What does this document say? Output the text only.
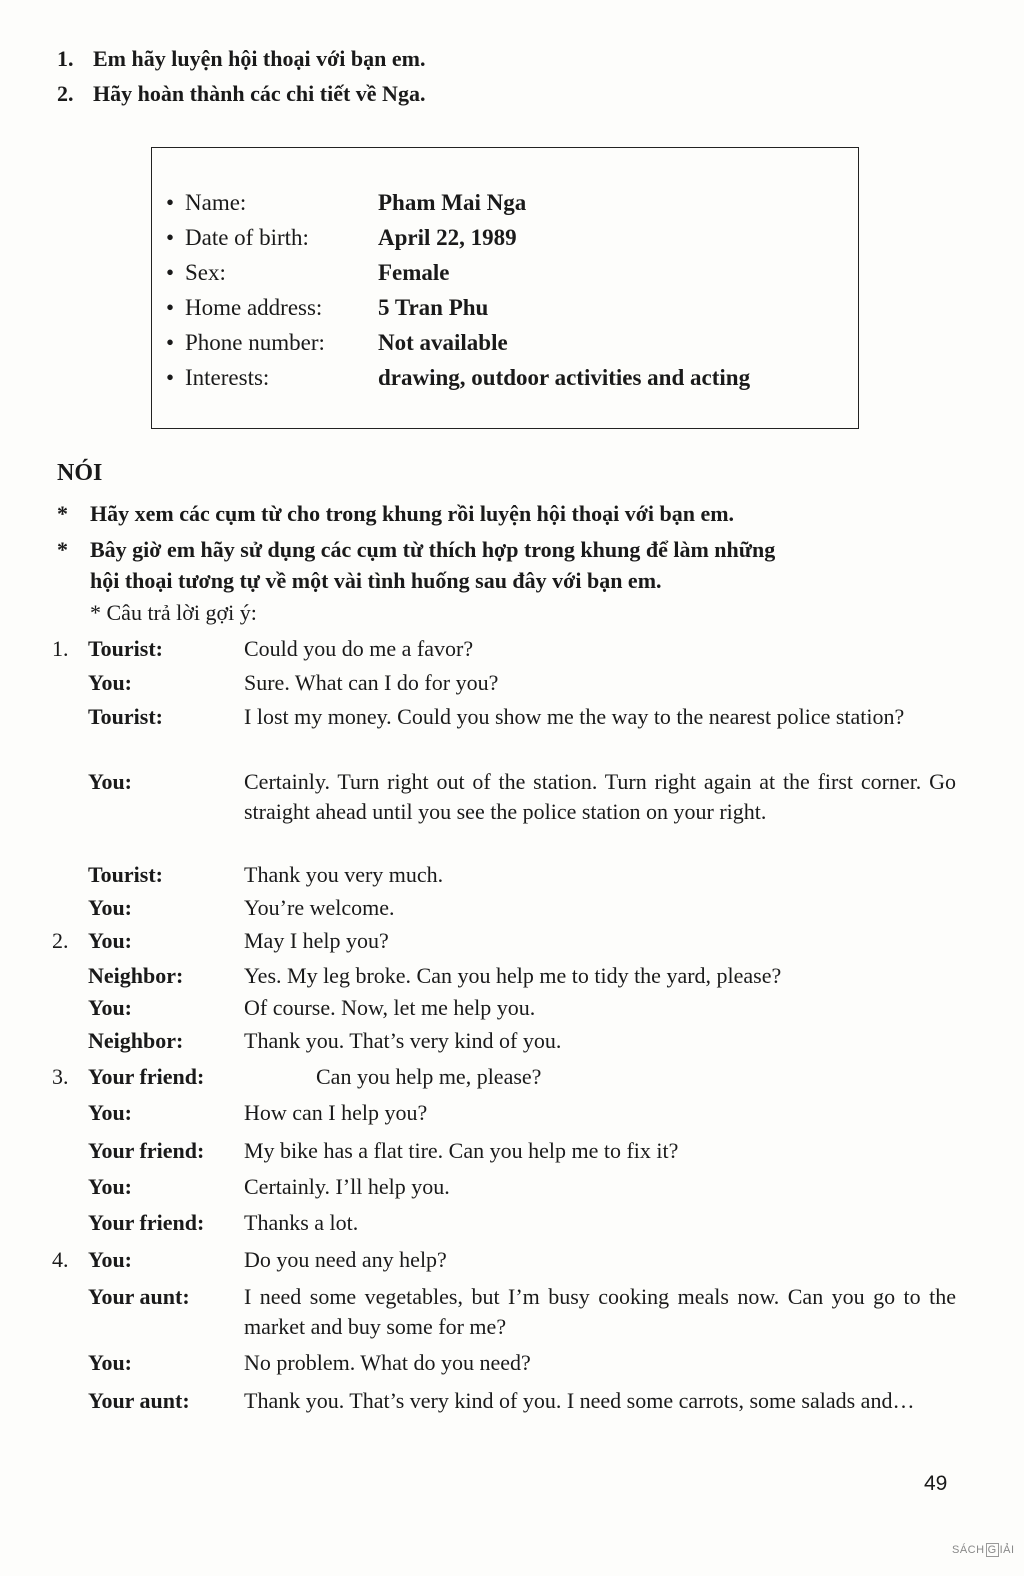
1. Em hãy luyện hội thoại với bạn em.
2. Hãy hoàn thành các chi tiết về Nga.
• Name:	Pham Mai Nga
• Date of birth:	April 22, 1989
• Sex:	Female
• Home address: 5 Tran Phu
• Phone number: Not available
• Interests:	drawing, outdoor activities and acting
NÓI
* Hãy xem các cụm từ cho trong khung rồi luyện hội thoại với bạn em.
* Bây giờ em hãy sử dụng các cụm từ thích hợp trong khung để làm những
hội thoại tương tự về một vài tình huống sau đây với bạn em.
* Câu trả lời gợi ý:
1. Tourist:	Could you do me a favor?
You:	Sure. What can I do for you?
Tourist:	I lost my money. Could you show me the way to the nearest police station?
You:	Certainly. Turn right out of the station. Turn right again at the first corner. Go straight ahead until you see the police station on your right.
Tourist:	Thank you very much.
You:	You’re welcome.
2. You:	May I help you?
Neighbor:	Yes. My leg broke. Can you help me to tidy the yard, please?
You:	Of course. Now, let me help you.
Neighbor:	Thank you. That’s very kind of you.
3. Your friend:	Can you help me, please?
You:	How can I help you?
Your friend: My bike has a flat tire. Can you help me to fix it?
You:	Certainly. I’ll help you.
Your friend: Thanks a lot.
4. You:	Do you need any help?
Your aunt: I need some vegetables, but I’m busy cooking meals now. Can you go to the market and buy some for me?
You:	No problem. What do you need?
Your aunt: Thank you. That’s very kind of you. I need some carrots, some salads and…
49
SÁCH G IẢI
